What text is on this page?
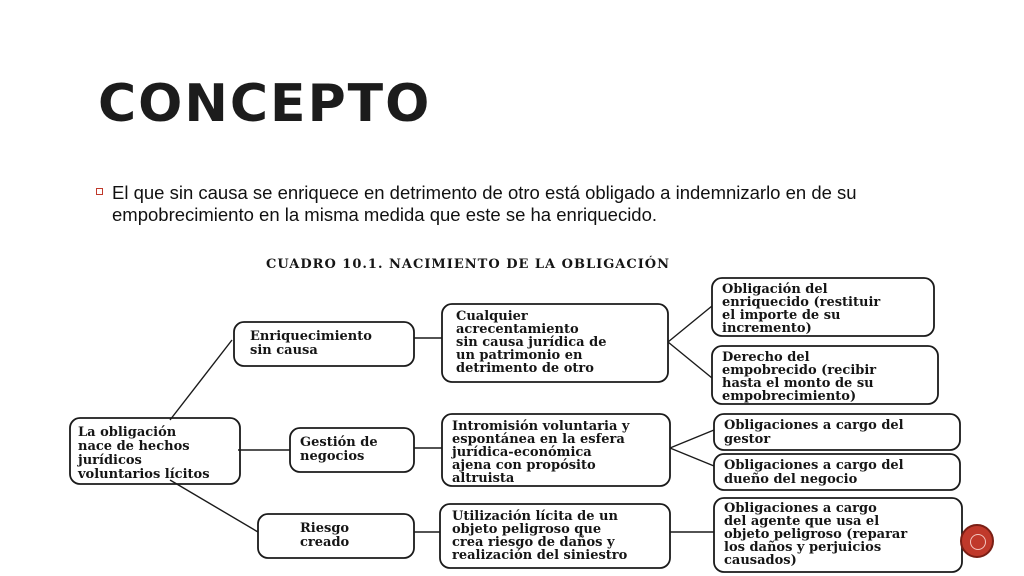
CONCEPTO
El que sin causa se enriquece en detrimento de otro está obligado a indemnizarlo en de su empobrecimiento en la misma medida que este se ha enriquecido.
CUADRO 10.1. NACIMIENTO DE LA OBLIGACIÓN
La obligación
nace de hechos
jurídicos
voluntarios lícitos
Enriquecimiento
sin causa
Gestión de
negocios
Riesgo
creado
Cualquier
acrecentamiento
sin causa jurídica de
un patrimonio en
detrimento de otro
Intromisión voluntaria y
espontánea en la esfera
jurídica-económica
ajena con propósito
altruista
Utilización lícita de un
objeto peligroso que
crea riesgo de daños y
realización del siniestro
Obligación del
enriquecido (restituir
el importe de su
incremento)
Derecho del
empobrecido (recibir
hasta el monto de su
empobrecimiento)
Obligaciones a cargo del
gestor
Obligaciones a cargo del
dueño del negocio
Obligaciones a cargo
del agente que usa el
objeto peligroso (reparar
los daños y perjuicios
causados)
